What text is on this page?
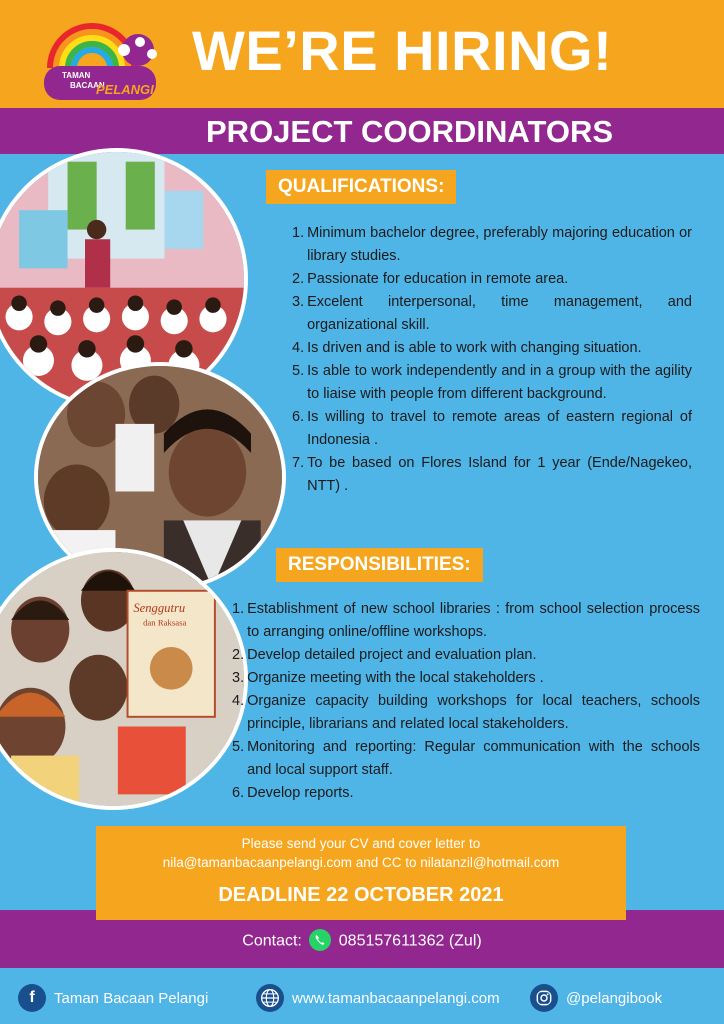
TAMAN
BACAAN
PELANGI
WE’RE HIRING!
PROJECT COORDINATORS
Senggutru
dan Raksasa
QUALIFICATIONS:
1. Minimum bachelor degree, preferably majoring education or library studies.
2. Passionate for education in remote area.
3. Excelent interpersonal, time management, and organizational skill.
4. Is driven and is able to work with changing situation.
5. Is able to work independently and in a group with the agility to liaise with people from different background.
6. Is willing to travel to remote areas of eastern regional of Indonesia .
7. To be based on Flores Island for 1 year (Ende/Nagekeo, NTT) .
RESPONSIBILITIES:
1. Establishment of new school libraries : from school selection process to arranging online/offline workshops.
2. Develop detailed project and evaluation plan.
3. Organize meeting with the local stakeholders .
4. Organize capacity building workshops for local teachers, schools principle, librarians and related local stakeholders.
5. Monitoring and reporting: Regular communication with the schools and local support staff.
6. Develop reports.
Please send your CV and cover letter to
nila@tamanbacaanpelangi.com and CC to nilatanzil@hotmail.com
DEADLINE 22 OCTOBER 2021
Contact: 085157611362 (Zul)
f	Taman Bacaan Pelangi	www.tamanbacaanpelangi.com	@pelangibook
